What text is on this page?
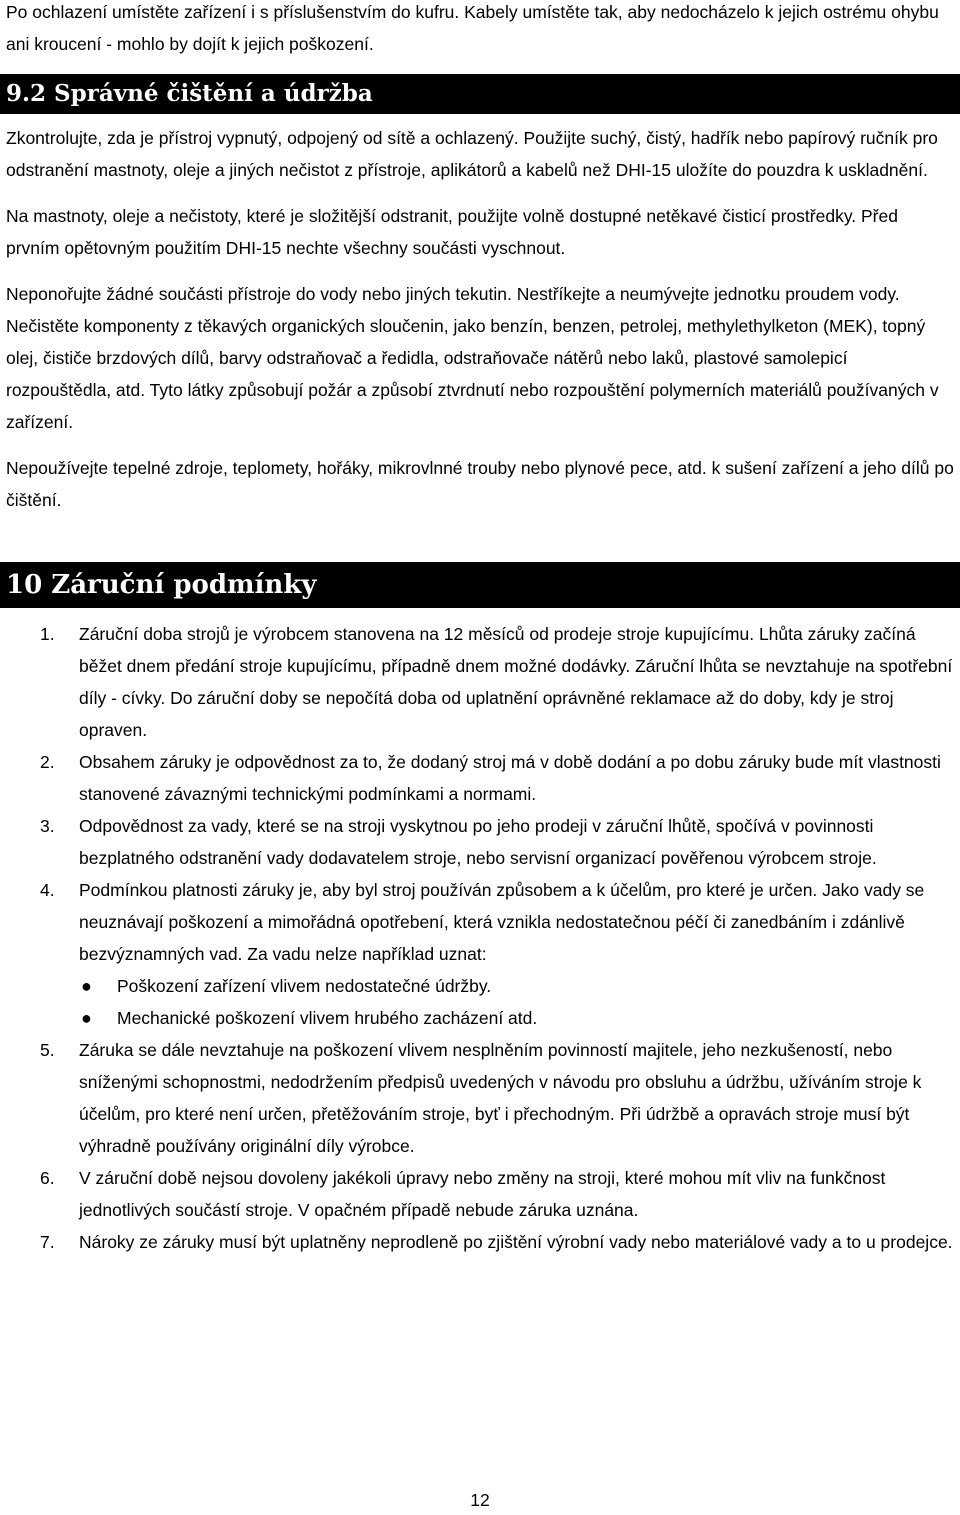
Po ochlazení umístěte zařízení i s příslušenstvím do kufru. Kabely umístěte tak, aby nedocházelo k jejich ostrému ohybu ani kroucení - mohlo by dojít k jejich poškození.

9.2 Správné čištění a údržba

Zkontrolujte, zda je přístroj vypnutý, odpojený od sítě a ochlazený. Použijte suchý, čistý, hadřík nebo papírový ručník pro odstranění mastnoty, oleje a jiných nečistot z přístroje, aplikátorů a kabelů než DHI-15 uložíte do pouzdra k uskladnění.

Na mastnoty, oleje a nečistoty, které je složitější odstranit, použijte volně dostupné netěkavé čisticí prostředky. Před prvním opětovným použitím DHI-15 nechte všechny součásti vyschnout.

Neponořujte žádné součásti přístroje do vody nebo jiných tekutin. Nestříkejte a neumývejte jednotku proudem vody. Nečistěte komponenty z těkavých organických sloučenin, jako benzín, benzen, petrolej, methylethylketon (MEK), topný olej, čističe brzdových dílů, barvy odstraňovač a ředidla, odstraňovače nátěrů nebo laků, plastové samolepicí rozpouštědla, atd. Tyto látky způsobují požár a způsobí ztvrdnutí nebo rozpouštění polymerních materiálů používaných v zařízení.

Nepoužívejte tepelné zdroje, teplomety, hořáky, mikrovlnné trouby nebo plynové pece, atd. k sušení zařízení a jeho dílů po čištění.

10 Záruční podmínky
1. Záruční doba strojů je výrobcem stanovena na 12 měsíců od prodeje stroje kupujícímu. Lhůta záruky začíná běžet dnem předání stroje kupujícímu, případně dnem možné dodávky. Záruční lhůta se nevztahuje na spotřební díly - cívky. Do záruční doby se nepočítá doba od uplatnění oprávněné reklamace až do doby, kdy je stroj opraven.
2. Obsahem záruky je odpovědnost za to, že dodaný stroj má v době dodání a po dobu záruky bude mít vlastnosti stanovené závaznými technickými podmínkami a normami.
3. Odpovědnost za vady, které se na stroji vyskytnou po jeho prodeji v záruční lhůtě, spočívá v povinnosti bezplatného odstranění vady dodavatelem stroje, nebo servisní organizací pověřenou výrobcem stroje.
4. Podmínkou platnosti záruky je, aby byl stroj používán způsobem a k účelům, pro které je určen. Jako vady se neuznávají poškození a mimořádná opotřebení, která vznikla nedostatečnou péčí či zanedbáním i zdánlivě bezvýznamných vad. Za vadu nelze například uznat:
● Poškození zařízení vlivem nedostatečné údržby.
● Mechanické poškození vlivem hrubého zacházení atd.
5. Záruka se dále nevztahuje na poškození vlivem nesplněním povinností majitele, jeho nezkušeností, nebo sníženými schopnostmi, nedodržením předpisů uvedených v návodu pro obsluhu a údržbu, užíváním stroje k účelům, pro které není určen, přetěžováním stroje, byť i přechodným. Při údržbě a opravách stroje musí být výhradně používány originální díly výrobce.
6. V záruční době nejsou dovoleny jakékoli úpravy nebo změny na stroji, které mohou mít vliv na funkčnost jednotlivých součástí stroje. V opačném případě nebude záruka uznána.
7. Nároky ze záruky musí být uplatněny neprodleně po zjištění výrobní vady nebo materiálové vady a to u prodejce.
12
